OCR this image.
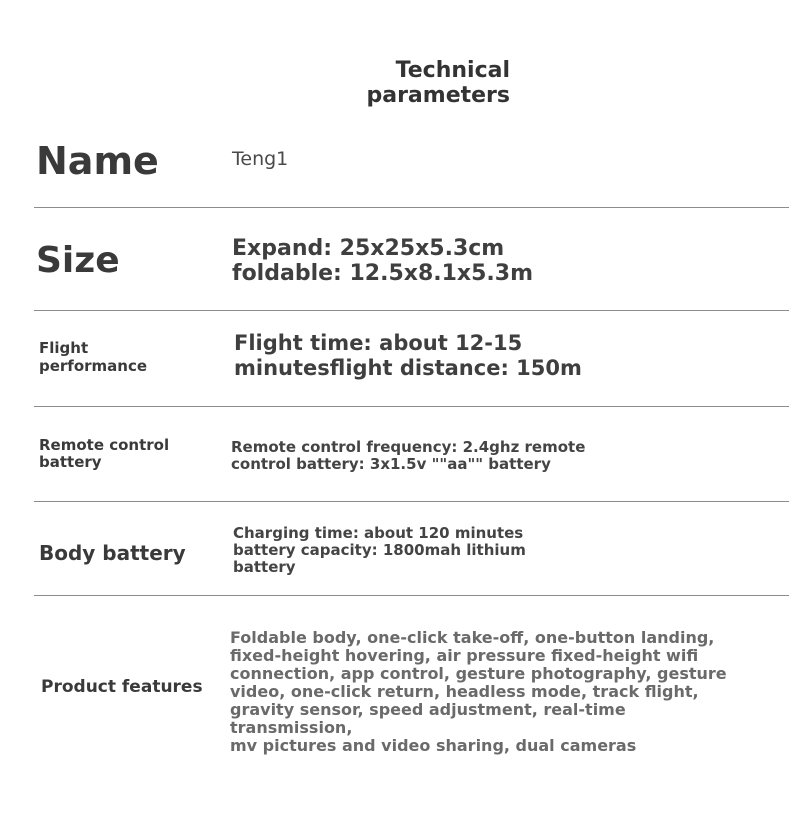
Technical
parameters
Name	Teng1
Size	Expand: 25x25x5.3cm
foldable: 12.5x8.1x5.3m
Flight
performance
Flight time: about 12-15
minutesflight distance: 150m
Remote control
battery
Remote control frequency: 2.4ghz remote
control battery: 3x1.5v ""aa"" battery
Body battery
Charging time: about 120 minutes
battery capacity: 1800mah lithium
battery
Product features
Foldable body, one-click take-off, one-button landing,
fixed-height hovering, air pressure fixed-height wifi
connection, app control, gesture photography, gesture
video, one-click return, headless mode, track flight,
gravity sensor, speed adjustment, real-time transmission,
mv pictures and video sharing, dual cameras
